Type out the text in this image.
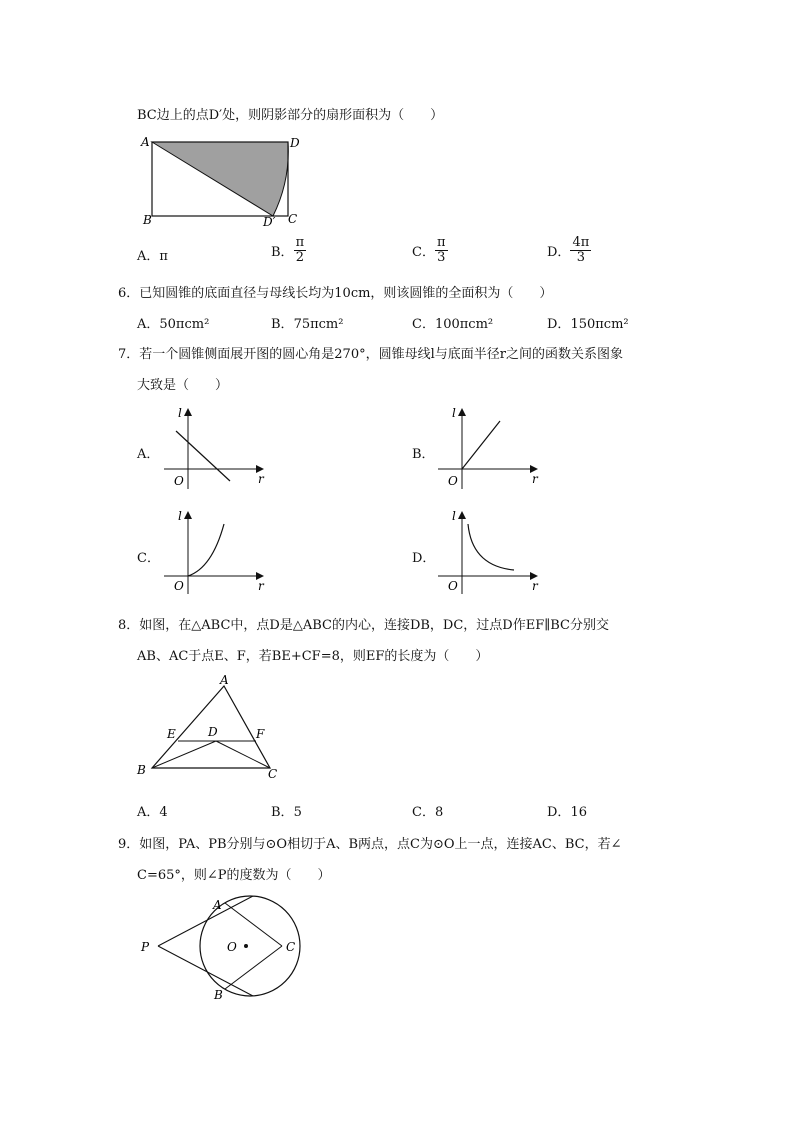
BC边上的点D′处，则阴影部分的扇形面积为（　　）
A	D
B	D′ C
A．π	B． $\frac{\pi}{2}$	C． $\frac{\pi}{3}$	D． $\frac{4\pi}{3}$
6．已知圆锥的底面直径与母线长均为10cm，则该圆锥的全面积为（　　）
A．50πcm²	B．75πcm²	C．100πcm²	D．150πcm²
7．若一个圆锥侧面展开图的圆心角是270°，圆锥母线l与底面半径r之间的函数关系图象
大致是（　　）
A．
l
r
O
B．
l
r
O
C．
l
r
O
D．
l
r
O
8．如图，在△ABC中，点D是△ABC的内心，连接DB，DC，过点D作EF∥BC分别交
AB、AC于点E、F，若BE+CF=8，则EF的长度为（　　）
A
E	D	F
B	C
A．4	B．5	C．8	D．16
9．如图，PA、PB分别与⊙O相切于A、B两点，点C为⊙O上一点，连接AC、BC，若∠
C=65°，则∠P的度数为（　　）
P
A
O	C
B
